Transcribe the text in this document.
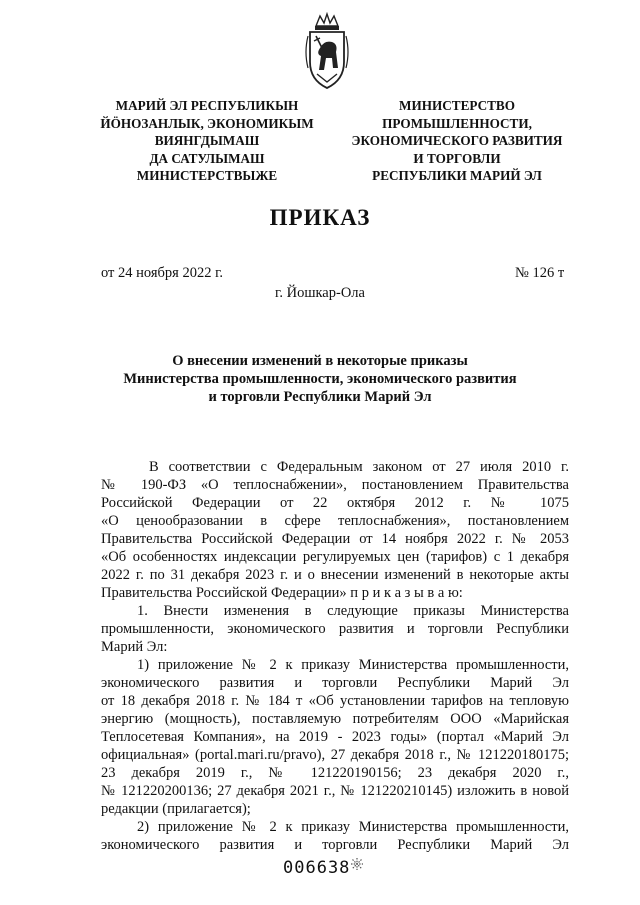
МАРИЙ ЭЛ РЕСПУБЛИКЫН
ЙÖНОЗАНЛЫК, ЭКОНОМИКЫМ
ВИЯНГДЫМАШ
ДА САТУЛЫМАШ
МИНИСТЕРСТВЫЖЕ
МИНИСТЕРСТВО
ПРОМЫШЛЕННОСТИ,
ЭКОНОМИЧЕСКОГО РАЗВИТИЯ
И ТОРГОВЛИ
РЕСПУБЛИКИ МАРИЙ ЭЛ
ПРИКАЗ
от 24 ноября 2022 г.	№ 126 т
г. Йошкар-Ола
О внесении изменений в некоторые приказы
Министерства промышленности, экономического развития
и торговли Республики Марий Эл
В соответствии с Федеральным законом от 27 июля 2010 г.
№ 190-ФЗ «О теплоснабжении», постановлением Правительства
Российской Федерации от 22 октября 2012 г. № 1075
«О ценообразовании в сфере теплоснабжения», постановлением
Правительства Российской Федерации от 14 ноября 2022 г. № 2053
«Об особенностях индексации регулируемых цен (тарифов) с 1 декабря
2022 г. по 31 декабря 2023 г. и о внесении изменений в некоторые акты
Правительства Российской Федерации» п р и к а з ы в а ю:
1. Внести изменения в следующие приказы Министерства
промышленности, экономического развития и торговли Республики
Марий Эл:
1) приложение № 2 к приказу Министерства промышленности,
экономического развития и торговли Республики Марий Эл
от 18 декабря 2018 г. № 184 т «Об установлении тарифов на тепловую
энергию (мощность), поставляемую потребителям ООО «Марийская
Теплосетевая Компания», на 2019 - 2023 годы» (портал «Марий Эл
официальная» (portal.mari.ru/pravo), 27 декабря 2018 г., № 121220180175;
23 декабря 2019 г., № 121220190156; 23 декабря 2020 г.,
№ 121220200136; 27 декабря 2021 г., № 121220210145) изложить в новой
редакции (прилагается);
2) приложение № 2 к приказу Министерства промышленности,
экономического развития и торговли Республики Марий Эл
006638
